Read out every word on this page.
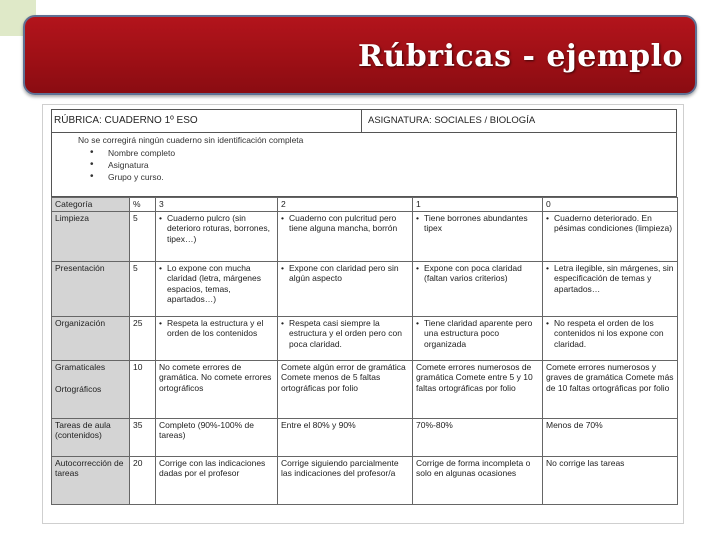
Rúbricas - ejemplo
RÚBRICA: CUADERNO 1º ESO	ASIGNATURA: SOCIALES / BIOLOGÍA
No se corregirá ningún cuaderno sin identificación completa
• Nombre completo
• Asignatura
• Grupo y curso.
Categoría	%	3	2	1	0
Limpieza	5	• Cuaderno pulcro (sin deterioro roturas, borrones, tipex…)	• Cuaderno con pulcritud pero tiene alguna mancha, borrón	• Tiene borrones abundantes tipex	• Cuaderno deteriorado. En pésimas condiciones (limpieza)

Presentación	5	• Lo expone con mucha claridad (letra, márgenes espacios, temas, apartados…)	• Expone con claridad pero sin algún aspecto	• Expone con poca claridad (faltan varios criterios)	• Letra ilegible, sin márgenes, sin especificación de temas y apartados…

Organización	25	• Respeta la estructura y el orden de los contenidos	• Respeta casi siempre la estructura y el orden pero con poca claridad.	• Tiene claridad aparente pero una estructura poco organizada	• No respeta el orden de los contenidos ni los expone con claridad.

Gramaticales
Ortográficos	10	No comete errores de gramática. No comete errores ortográficos	Comete algún error de gramática Comete menos de 5 faltas ortográficas por folio	Comete errores numerosos de gramática Comete entre 5 y 10 faltas ortográficas por folio	Comete errores numerosos y graves de gramática Comete más de 10 faltas ortográficas por folio
Tareas de aula (contenidos)	35	Completo (90%-100% de tareas)	Entre el 80% y 90%	70%-80%	Menos de 70%
Autocorrección de tareas	20	Corrige con las indicaciones dadas por el profesor	Corrige siguiendo parcialmente las indicaciones del profesor/a	Corrige de forma incompleta o solo en algunas ocasiones	No corrige las tareas
